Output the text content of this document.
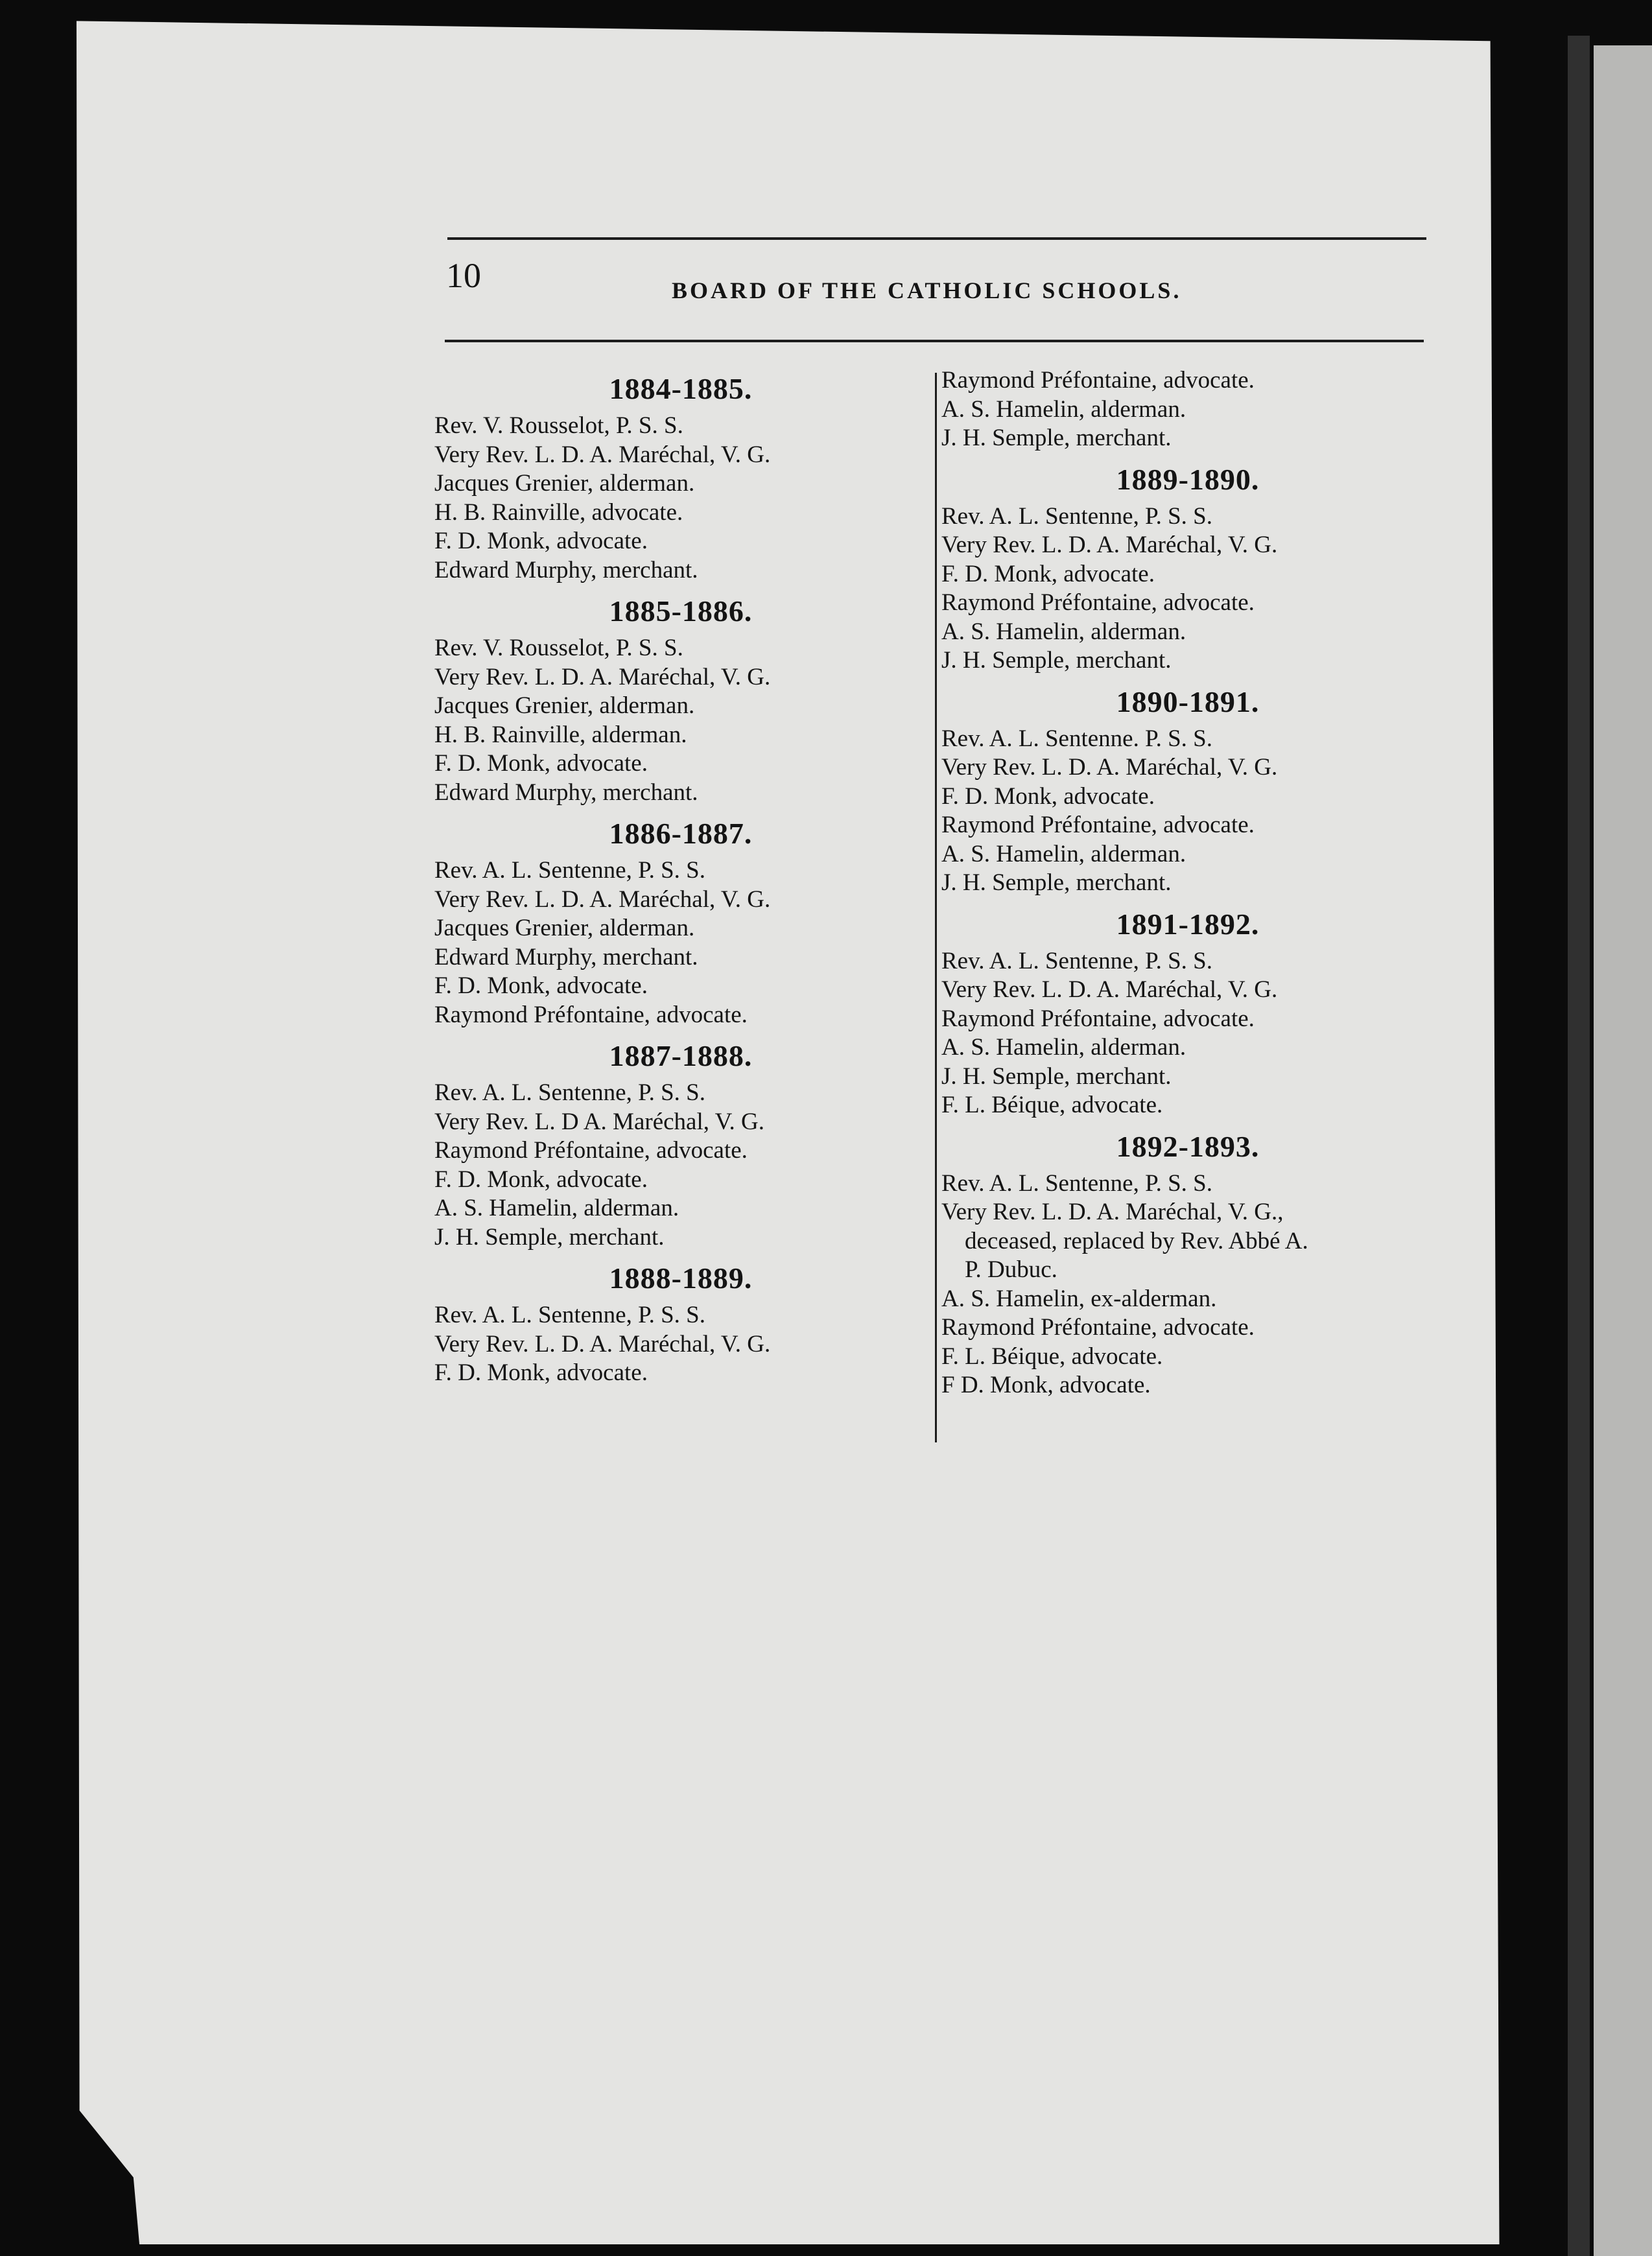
10	BOARD OF THE CATHOLIC SCHOOLS.
1884-1885.
Rev. V. Rousselot, P. S. S.
Very Rev. L. D. A. Maréchal, V. G.
Jacques Grenier, alderman.
H. B. Rainville, advocate.
F. D. Monk, advocate.
Edward Murphy, merchant.
1885-1886.
Rev. V. Rousselot, P. S. S.
Very Rev. L. D. A. Maréchal, V. G.
Jacques Grenier, alderman.
H. B. Rainville, alderman.
F. D. Monk, advocate.
Edward Murphy, merchant.
1886-1887.
Rev. A. L. Sentenne, P. S. S.
Very Rev. L. D. A. Maréchal, V. G.
Jacques Grenier, alderman.
Edward Murphy, merchant.
F. D. Monk, advocate.
Raymond Préfontaine, advocate.
1887-1888.
Rev. A. L. Sentenne, P. S. S.
Very Rev. L. D A. Maréchal, V. G.
Raymond Préfontaine, advocate.
F. D. Monk, advocate.
A. S. Hamelin, alderman.
J. H. Semple, merchant.
1888-1889.
Rev. A. L. Sentenne, P. S. S.
Very Rev. L. D. A. Maréchal, V. G.
F. D. Monk, advocate.
Raymond Préfontaine, advocate.
A. S. Hamelin, alderman.
J. H. Semple, merchant.
1889-1890.
Rev. A. L. Sentenne, P. S. S.
Very Rev. L. D. A. Maréchal, V. G.
F. D. Monk, advocate.
Raymond Préfontaine, advocate.
A. S. Hamelin, alderman.
J. H. Semple, merchant.
1890-1891.
Rev. A. L. Sentenne. P. S. S.
Very Rev. L. D. A. Maréchal, V. G.
F. D. Monk, advocate.
Raymond Préfontaine, advocate.
A. S. Hamelin, alderman.
J. H. Semple, merchant.
1891-1892.
Rev. A. L. Sentenne, P. S. S.
Very Rev. L. D. A. Maréchal, V. G.
Raymond Préfontaine, advocate.
A. S. Hamelin, alderman.
J. H. Semple, merchant.
F. L. Béique, advocate.
1892-1893.
Rev. A. L. Sentenne, P. S. S.
Very Rev. L. D. A. Maréchal, V. G.,
deceased, replaced by Rev. Abbé A.
P. Dubuc.
A. S. Hamelin, ex-alderman.
Raymond Préfontaine, advocate.
F. L. Béique, advocate.
F D. Monk, advocate.
